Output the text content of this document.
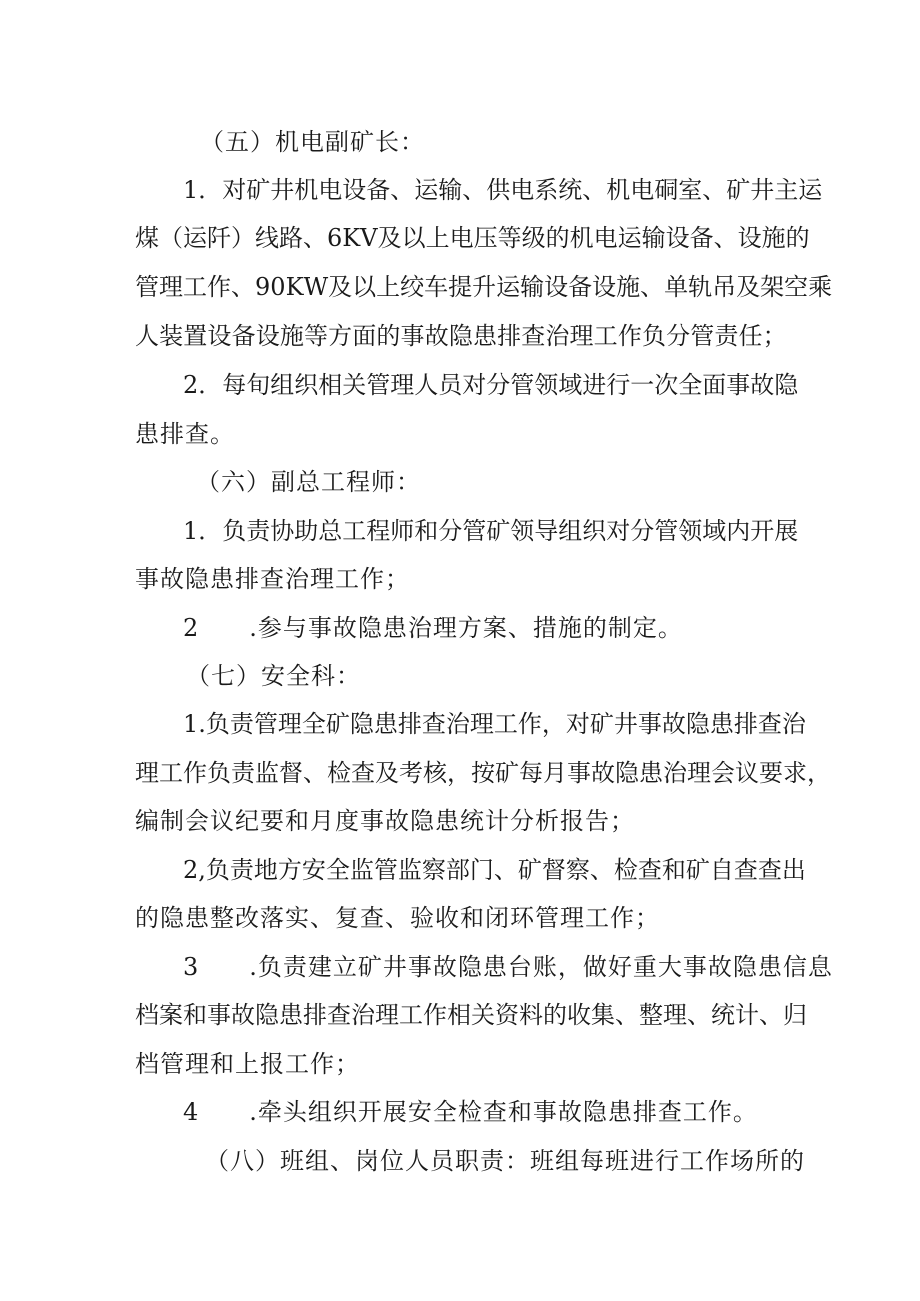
（五）机电副矿长：
1 ． 对 矿 井 机 电 设 备 、 运 输 、 供 电 系 统 、 机 电 硐 室 、 矿 井 主 运
煤 （ 运 阡 ） 线 路 、 6 K V 及 以 上 电 压 等 级 的 机 电 运 输 设 备 、 设 施 的
管 理 工 作 、 9 0 K W 及 以 上 绞 车 提 升 运 输 设 备 设 施 、 单 轨 吊 及 架 空 乘
人 装 置 设 备 设 施 等 方 面 的 事 故 隐 患 排 查 治 理 工 作 负 分 管 责 任 ；
2 ． 每 旬 组 织 相 关 管 理 人 员 对 分 管 领 域 进 行 一 次 全 面 事 故 隐
患排查。
（六）副总工程师：
1 ． 负 责 协 助 总 工 程 师 和 分 管 矿 领 导 组 织 对 分 管 领 域 内 开 展
事故隐患排查治理工作；
2　　.参与事故隐患治理方案、措施的制定。
（七）安全科：
1 . 负 责 管 理 全 矿 隐 患 排 查 治 理 工 作 ， 对 矿 井 事 故 隐 患 排 查 治
理 工 作 负 责 监 督 、 检 查 及 考 核 ， 按 矿 每 月 事 故 隐 患 治 理 会 议 要 求 ，
编制会议纪要和月度事故隐患统计分析报告；
2 , 负 责 地 方 安 全 监 管 监 察 部 门 、 矿 督 察 、 检 查 和 矿 自 查 查 出
的隐患整改落实、复查、验收和闭环管理工作；
3　　.负责建立矿井事故隐患台账，做好重大事故隐患信息
档 案 和 事 故 隐 患 排 查 治 理 工 作 相 关 资 料 的 收 集 、 整 理 、 统 计 、 归
档管理和上报工作；
4　　.牵头组织开展安全检查和事故隐患排查工作。
（八）班组、岗位人员职责：班组每班进行工作场所的
